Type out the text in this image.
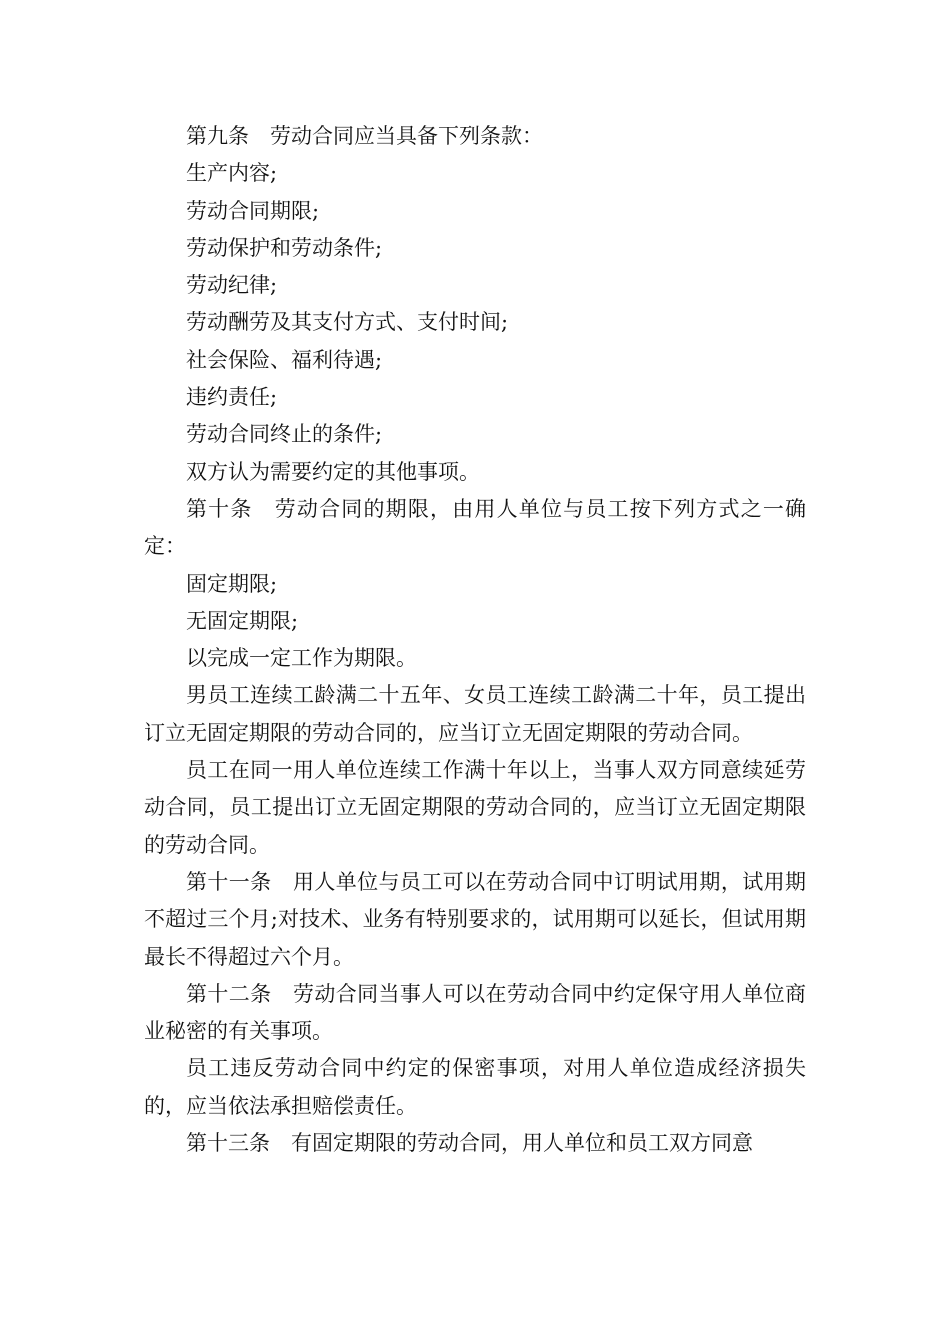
第九条 劳动合同应当具备下列条款：

生产内容;

劳动合同期限;

劳动保护和劳动条件;

劳动纪律;

劳动酬劳及其支付方式、支付时间;

社会保险、福利待遇;

违约责任;

劳动合同终止的条件;

双方认为需要约定的其他事项。

第十条 劳动合同的期限，由用人单位与员工按下列方式之一确定：

固定期限;

无固定期限;

以完成一定工作为期限。

男员工连续工龄满二十五年、女员工连续工龄满二十年，员工提出订立无固定期限的劳动合同的，应当订立无固定期限的劳动合同。

员工在同一用人单位连续工作满十年以上，当事人双方同意续延劳动合同，员工提出订立无固定期限的劳动合同的，应当订立无固定期限的劳动合同。

第十一条 用人单位与员工可以在劳动合同中订明试用期，试用期不超过三个月;对技术、业务有特别要求的，试用期可以延长，但试用期最长不得超过六个月。

第十二条 劳动合同当事人可以在劳动合同中约定保守用人单位商业秘密的有关事项。

员工违反劳动合同中约定的保密事项，对用人单位造成经济损失的，应当依法承担赔偿责任。

第十三条 有固定期限的劳动合同，用人单位和员工双方同意
